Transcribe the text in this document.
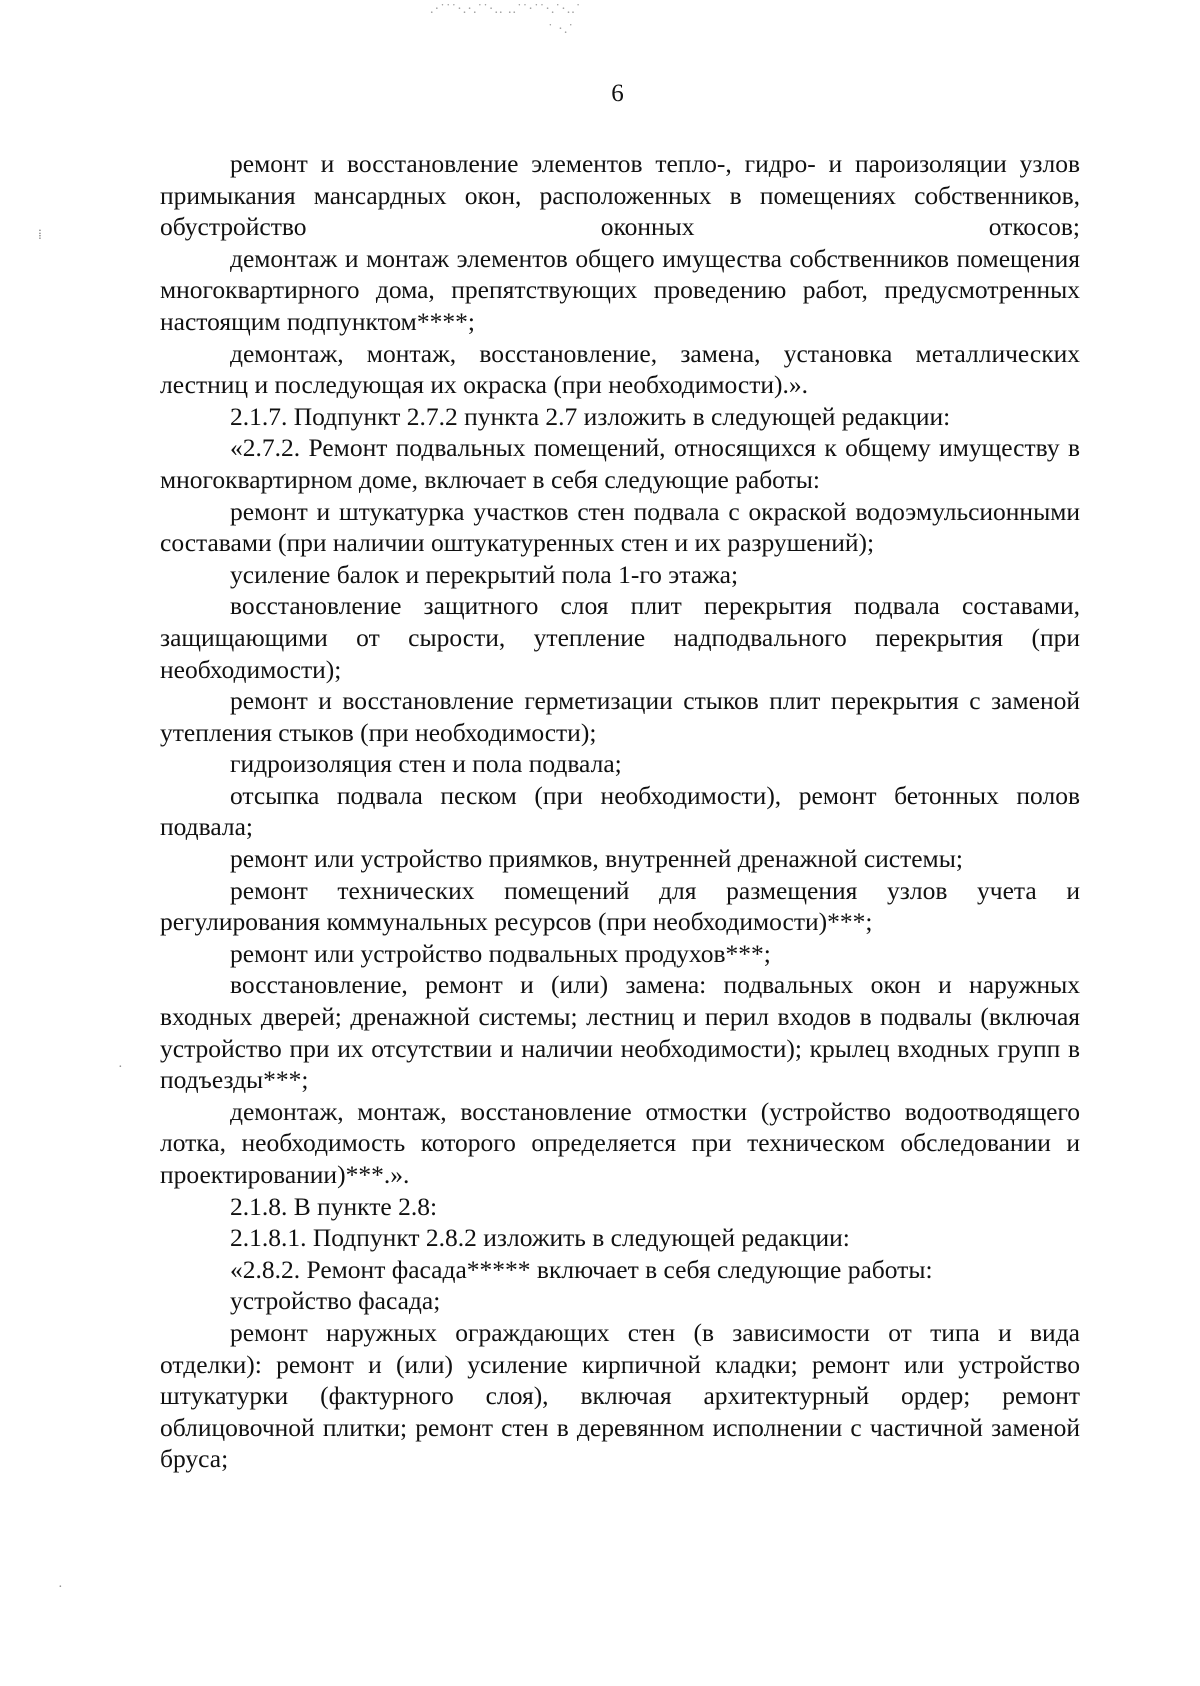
.·˙˙˙·.·.˙˙·.. ..˙˙·˙˙·.˙·..˙
˙ ·.˙
6

ремонт и восстановление элементов тепло-, гидро- и пароизоляции узлов примыкания мансардных окон, расположенных в помещениях собственников, обустройство оконных откосов;

демонтаж и монтаж элементов общего имущества собственников помещения многоквартирного дома, препятствующих проведению работ, предусмотренных настоящим подпунктом****;

демонтаж, монтаж, восстановление, замена, установка металлических лестниц и последующая их окраска (при необходимости).».

2.1.7. Подпункт 2.7.2 пункта 2.7 изложить в следующей редакции:

«2.7.2. Ремонт подвальных помещений, относящихся к общему имуществу в многоквартирном доме, включает в себя следующие работы:

ремонт и штукатурка участков стен подвала с окраской водоэмульсионными составами (при наличии оштукатуренных стен и их разрушений);

усиление балок и перекрытий пола 1-го этажа;

восстановление защитного слоя плит перекрытия подвала составами, защищающими от сырости, утепление надподвального перекрытия (при необходимости);

ремонт и восстановление герметизации стыков плит перекрытия с заменой утепления стыков (при необходимости);

гидроизоляция стен и пола подвала;

отсыпка подвала песком (при необходимости), ремонт бетонных полов подвала;

ремонт или устройство приямков, внутренней дренажной системы;

ремонт технических помещений для размещения узлов учета и регулирования коммунальных ресурсов (при необходимости)***;

ремонт или устройство подвальных продухов***;

восстановление, ремонт и (или) замена: подвальных окон и наружных входных дверей; дренажной системы; лестниц и перил входов в подвалы (включая устройство при их отсутствии и наличии необходимости); крылец входных групп в подъезды***;

демонтаж, монтаж, восстановление отмостки (устройство водоотводящего лотка, необходимость которого определяется при техническом обследовании и проектировании)***.».

2.1.8. В пункте 2.8:

2.1.8.1. Подпункт 2.8.2 изложить в следующей редакции:

«2.8.2. Ремонт фасада***** включает в себя следующие работы:

устройство фасада;

ремонт наружных ограждающих стен (в зависимости от типа и вида отделки): ремонт и (или) усиление кирпичной кладки; ремонт или устройство штукатурки (фактурного слоя), включая архитектурный ордер; ремонт облицовочной плитки; ремонт стен в деревянном исполнении с частичной заменой бруса;

⁞
·
·
